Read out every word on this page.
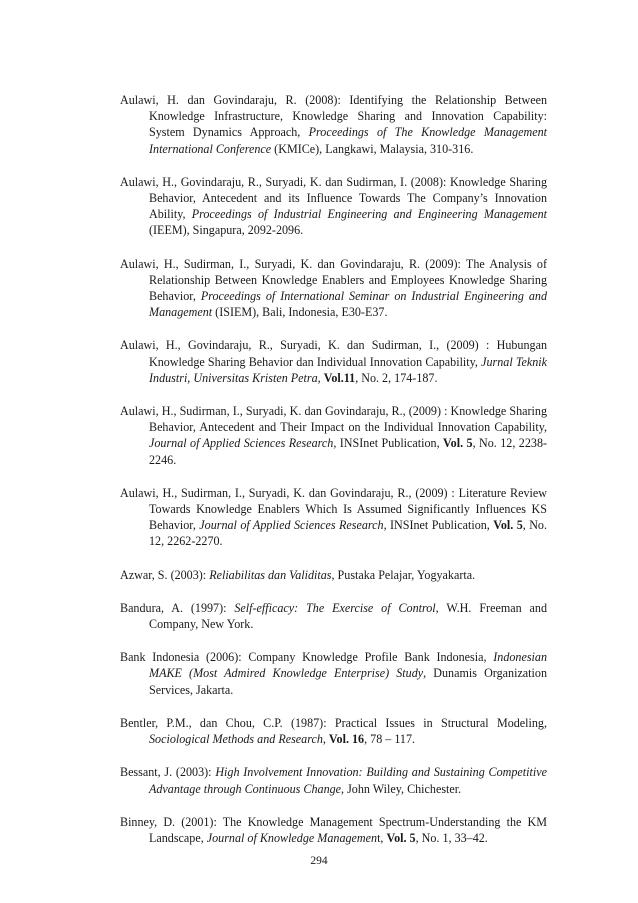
Aulawi, H. dan Govindaraju, R. (2008): Identifying the Relationship Between Knowledge Infrastructure, Knowledge Sharing and Innovation Capability: System Dynamics Approach, Proceedings of The Knowledge Management International Conference (KMICe), Langkawi, Malaysia, 310-316.

Aulawi, H., Govindaraju, R., Suryadi, K. dan Sudirman, I. (2008): Knowledge Sharing Behavior, Antecedent and its Influence Towards The Company’s Innovation Ability, Proceedings of Industrial Engineering and Engineering Management (IEEM), Singapura, 2092-2096.

Aulawi, H., Sudirman, I., Suryadi, K. dan Govindaraju, R. (2009): The Analysis of Relationship Between Knowledge Enablers and Employees Knowledge Sharing Behavior, Proceedings of International Seminar on Industrial Engineering and Management (ISIEM), Bali, Indonesia, E30-E37.

Aulawi, H., Govindaraju, R., Suryadi, K. dan Sudirman, I., (2009) : Hubungan Knowledge Sharing Behavior dan Individual Innovation Capability, Jurnal Teknik Industri, Universitas Kristen Petra, Vol.11, No. 2, 174-187.

Aulawi, H., Sudirman, I., Suryadi, K. dan Govindaraju, R., (2009) : Knowledge Sharing Behavior, Antecedent and Their Impact on the Individual Innovation Capability, Journal of Applied Sciences Research, INSInet Publication, Vol. 5, No. 12, 2238-2246.

Aulawi, H., Sudirman, I., Suryadi, K. dan Govindaraju, R., (2009) : Literature Review Towards Knowledge Enablers Which Is Assumed Significantly Influences KS Behavior, Journal of Applied Sciences Research, INSInet Publication, Vol. 5, No. 12, 2262-2270.

Azwar, S. (2003): Reliabilitas dan Validitas, Pustaka Pelajar, Yogyakarta.

Bandura, A. (1997): Self-efficacy: The Exercise of Control, W.H. Freeman and Company, New York.

Bank Indonesia (2006): Company Knowledge Profile Bank Indonesia, Indonesian MAKE (Most Admired Knowledge Enterprise) Study, Dunamis Organization Services, Jakarta.

Bentler, P.M., dan Chou, C.P. (1987): Practical Issues in Structural Modeling, Sociological Methods and Research, Vol. 16, 78 – 117.

Bessant, J. (2003): High Involvement Innovation: Building and Sustaining Competitive Advantage through Continuous Change, John Wiley, Chichester.

Binney, D. (2001): The Knowledge Management Spectrum-Understanding the KM Landscape, Journal of Knowledge Management, Vol. 5, No. 1, 33–42.

294
